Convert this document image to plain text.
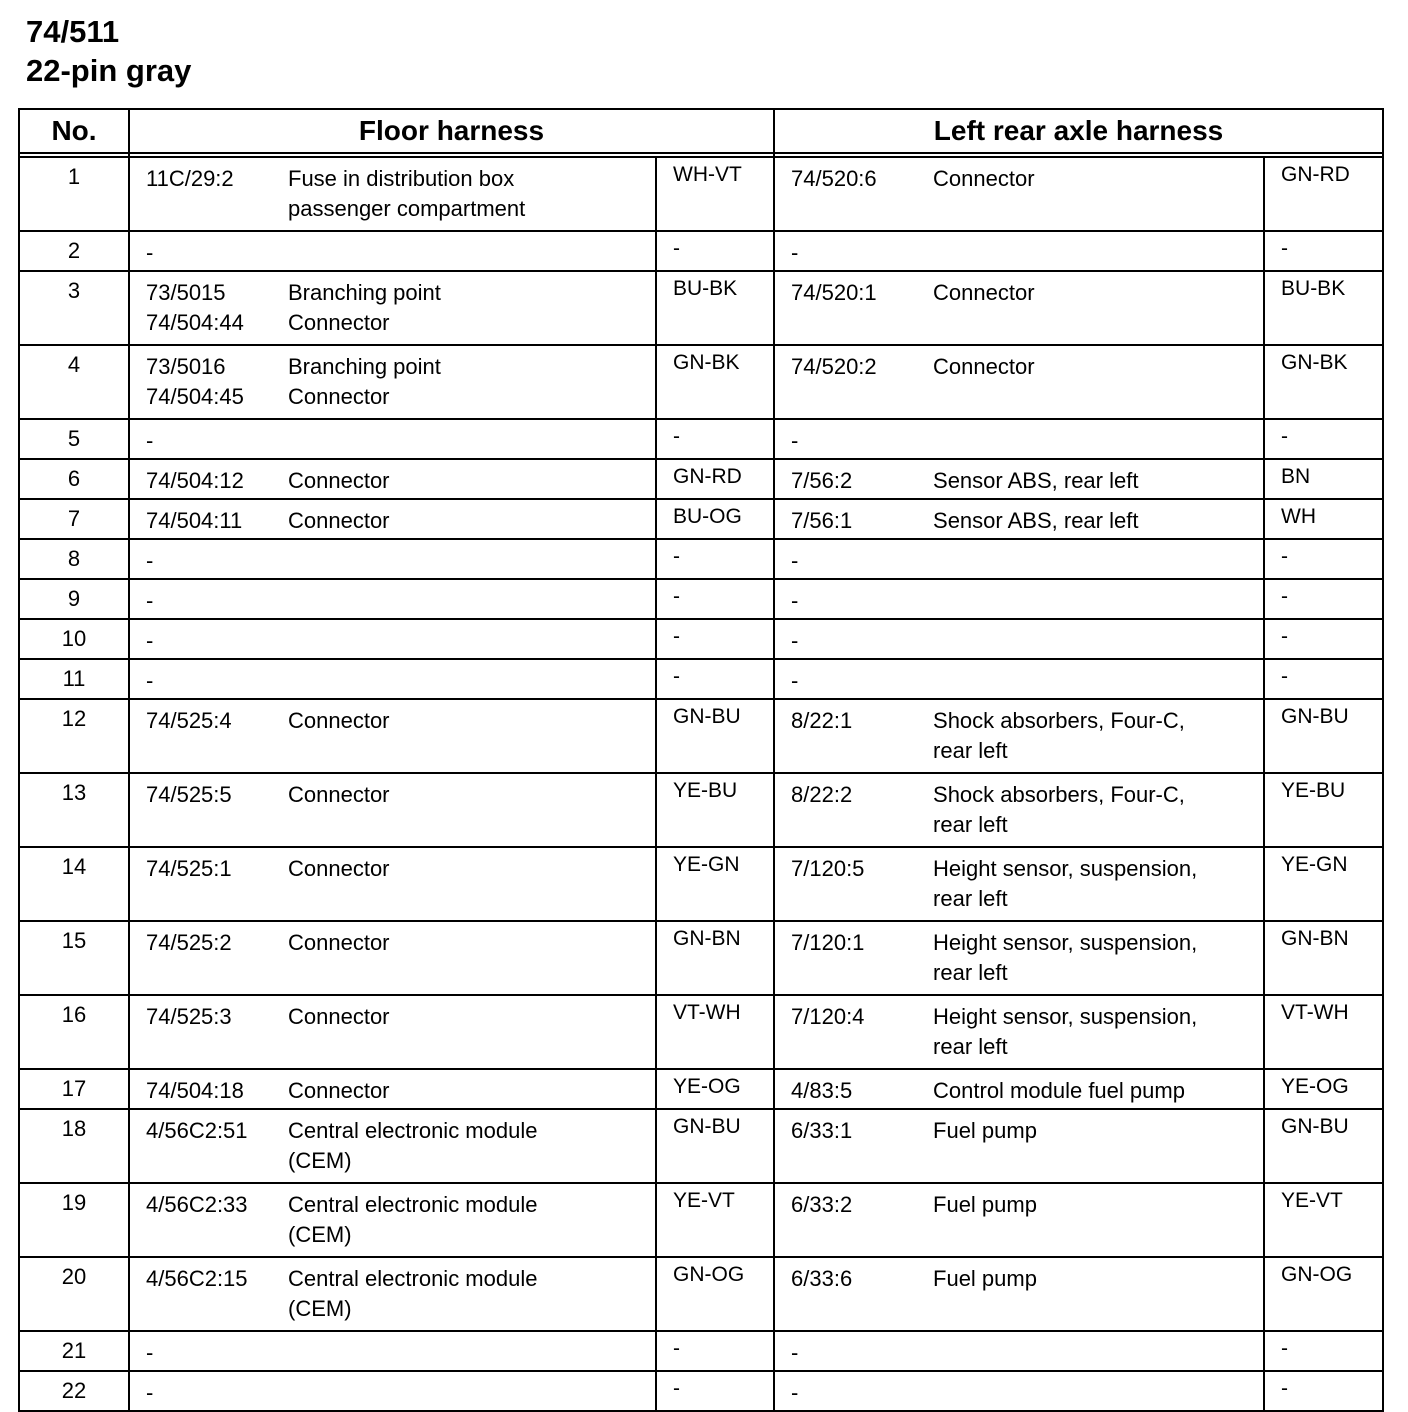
74/511
22-pin gray
No.	Floor harness		Left rear axle harness	

1	11C/29:2 Fuse in distribution box
passenger compartment	WH-VT	74/520:6 Connector	GN-RD
2	-	-	-	-
3	73/5015 Branching point
74/504:44 Connector	BU-BK	74/520:1 Connector	BU-BK
4	73/5016 Branching point
74/504:45 Connector	GN-BK	74/520:2 Connector	GN-BK
5	-	-	-	-
6	74/504:12 Connector	GN-RD	7/56:2 Sensor ABS, rear left	BN
7	74/504:11 Connector	BU-OG	7/56:1 Sensor ABS, rear left	WH
8	-	-	-	-
9	-	-	-	-
10	-	-	-	-
11	-	-	-	-
12	74/525:4 Connector	GN-BU	8/22:1 Shock absorbers, Four-C,
rear left	GN-BU
13	74/525:5 Connector	YE-BU	8/22:2 Shock absorbers, Four-C,
rear left	YE-BU
14	74/525:1 Connector	YE-GN	7/120:5 Height sensor, suspension,
rear left	YE-GN
15	74/525:2 Connector	GN-BN	7/120:1 Height sensor, suspension,
rear left	GN-BN
16	74/525:3 Connector	VT-WH	7/120:4 Height sensor, suspension,
rear left	VT-WH
17	74/504:18 Connector	YE-OG	4/83:5 Control module fuel pump	YE-OG
18	4/56C2:51 Central electronic module
(CEM)	GN-BU	6/33:1 Fuel pump	GN-BU
19	4/56C2:33 Central electronic module
(CEM)	YE-VT	6/33:2 Fuel pump	YE-VT
20	4/56C2:15 Central electronic module
(CEM)	GN-OG	6/33:6 Fuel pump	GN-OG
21	-	-	-	-
22	-	-	-	-
